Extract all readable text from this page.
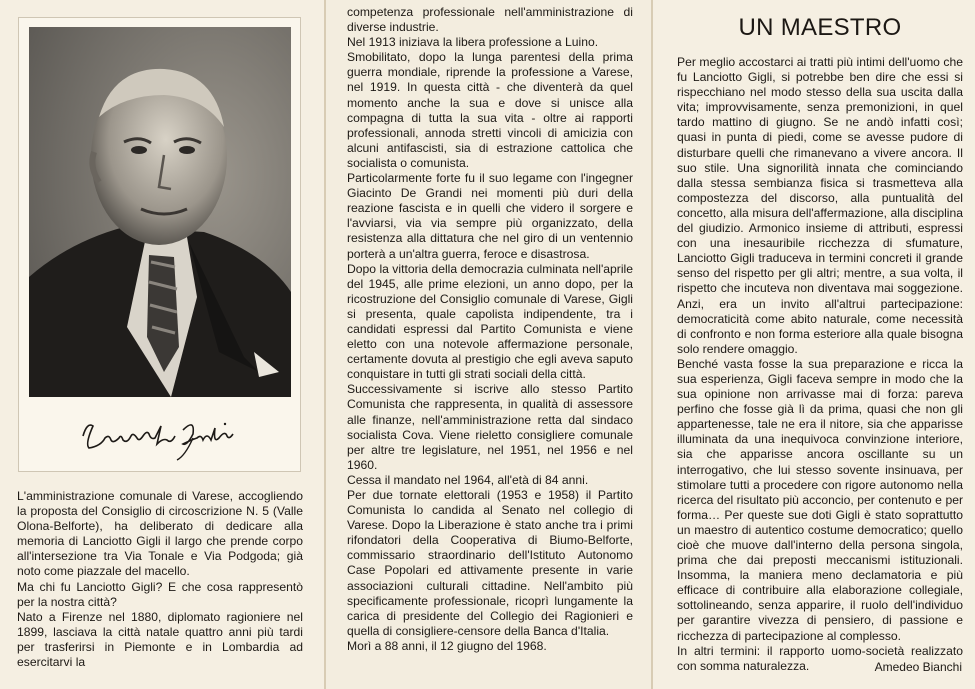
L'amministrazione comunale di Varese, accogliendo la proposta del Consiglio di circoscrizione N. 5 (Valle Olona-Belforte), ha deliberato di dedicare alla memoria di Lanciotto Gigli il largo che prende corpo all'intersezione tra Via Tonale e Via Podgoda; già noto come piazzale del macello.

Ma chi fu Lanciotto Gigli? E che cosa rappresentò per la nostra città?

Nato a Firenze nel 1880, diplomato ragioniere nel 1899, lasciava la città natale quattro anni più tardi per trasferirsi in Piemonte e in Lombardia ad esercitarvi la

competenza professionale nell'amministrazione di diverse industrie.

Nel 1913 iniziava la libera professione a Luino.

Smobilitato, dopo la lunga parentesi della prima guerra mondiale, riprende la professione a Varese, nel 1919. In questa città - che diventerà da quel momento anche la sua e dove si unisce alla compagna di tutta la sua vita - oltre ai rapporti professionali, annoda stretti vincoli di amicizia con alcuni antifascisti, sia di estrazione cattolica che socialista o comunista.

Particolarmente forte fu il suo legame con l'ingegner Giacinto De Grandi nei momenti più duri della reazione fascista e in quelli che videro il sorgere e l'avviarsi, via via sempre più organizzato, della resistenza alla dittatura che nel giro di un ventennio porterà a un'altra guerra, feroce e disastrosa.

Dopo la vittoria della democrazia culminata nell'aprile del 1945, alle prime elezioni, un anno dopo, per la ricostruzione del Consiglio comunale di Varese, Gigli si presenta, quale capolista indipendente, tra i candidati espressi dal Partito Comunista e viene eletto con una notevole affermazione personale, certamente dovuta al prestigio che egli aveva saputo conquistare in tutti gli strati sociali della città.

Successivamente si iscrive allo stesso Partito Comunista che rappresenta, in qualità di assessore alle finanze, nell'amministrazione retta dal sindaco socialista Cova. Viene rieletto consigliere comunale per altre tre legislature, nel 1951, nel 1956 e nel 1960.

Cessa il mandato nel 1964, all'età di 84 anni.

Per due tornate elettorali (1953 e 1958) il Partito Comunista lo candida al Senato nel collegio di Varese. Dopo la Liberazione è stato anche tra i primi rifondatori della Cooperativa di Biumo-Belforte, commissario straordinario dell'Istituto Autonomo Case Popolari ed attivamente presente in varie associazioni culturali cittadine. Nell'ambito più specificamente professionale, ricoprì lungamente la carica di presidente del Collegio dei Ragionieri e quella di consigliere-censore della Banca d'Italia.

Morì a 88 anni, il 12 giugno del 1968.

UN MAESTRO

Per meglio accostarci ai tratti più intimi dell'uomo che fu Lanciotto Gigli, si potrebbe ben dire che essi si rispecchiano nel modo stesso della sua uscita dalla vita; improvvisamente, senza premonizioni, in quel tardo mattino di giugno. Se ne andò infatti così; quasi in punta di piedi, come se avesse pudore di disturbare quelli che rimanevano a vivere ancora. Il suo stile. Una signorilità innata che cominciando dalla stessa sembianza fisica si trasmetteva alla compostezza del discorso, alla puntualità del concetto, alla misura dell'affermazione, alla disciplina del giudizio. Armonico insieme di attributi, espressi con una inesauribile ricchezza di sfumature, Lanciotto Gigli traduceva in termini concreti il grande senso del rispetto per gli altri; mentre, a sua volta, il rispetto che incuteva non diventava mai soggezione. Anzi, era un invito all'altrui partecipazione: democraticità come abito naturale, come necessità di confronto e non forma esteriore alla quale bisogna solo rendere omaggio.

Benché vasta fosse la sua preparazione e ricca la sua esperienza, Gigli faceva sempre in modo che la sua opinione non arrivasse mai di forza: pareva perfino che fosse già lì da prima, quasi che non gli appartenesse, tale ne era il nitore, sia che apparisse illuminata da una inequivoca convinzione interiore, sia che apparisse ancora oscillante su un interrogativo, che lui stesso sovente insinuava, per stimolare tutti a procedere con rigore autonomo nella ricerca del risultato più acconcio, per contenuto e per forma… Per queste sue doti Gigli è stato soprattutto un maestro di autentico costume democratico; quello cioè che muove dall'interno della persona singola, prima che dai preposti meccanismi istituzionali. Insomma, la maniera meno declamatoria e più efficace di contribuire alla elaborazione collegiale, sottolineando, senza apparire, il ruolo dell'individuo per garantire vivezza di pensiero, di passione e ricchezza di partecipazione al complesso.

In altri termini: il rapporto uomo-società realizzato con somma naturalezza.	Amedeo Bianchi
